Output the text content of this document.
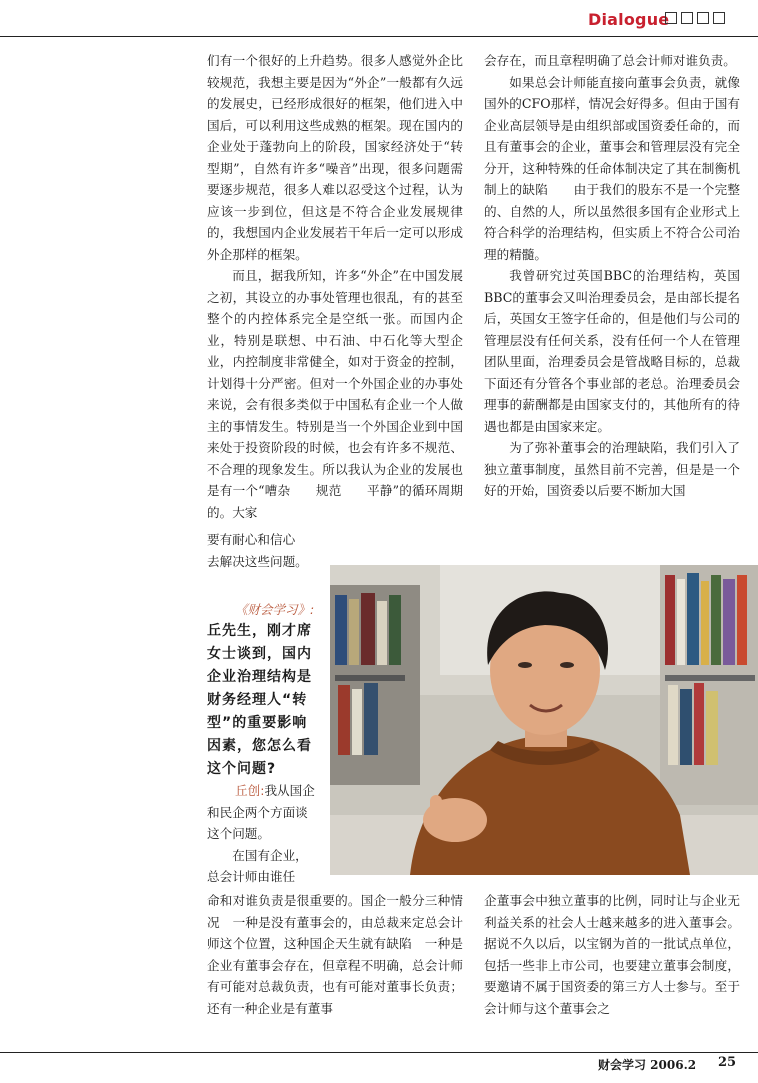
Dialogue

们有一个很好的上升趋势。很多人感觉外企比较规范，我想主要是因为“外企”一般都有久远的发展史，已经形成很好的框架，他们进入中国后，可以利用这些成熟的框架。现在国内的企业处于蓬勃向上的阶段，国家经济处于“转型期”，自然有许多“噪音”出现，很多问题需要逐步规范，很多人难以忍受这个过程，认为应该一步到位，但这是不符合企业发展规律的，我想国内企业发展若干年后一定可以形成外企那样的框架。

而且，据我所知，许多“外企”在中国发展之初，其设立的办事处管理也很乱，有的甚至整个的内控体系完全是空纸一张。而国内企业，特别是联想、中石油、中石化等大型企业，内控制度非常健全，如对于资金的控制，计划得十分严密。但对一个外国企业的办事处来说，会有很多类似于中国私有企业一个人做主的事情发生。特别是当一个外国企业到中国来处于投资阶段的时候，也会有许多不规范、不合理的现象发生。所以我认为企业的发展也是有一个“嘈杂　　规范　　平静”的循环周期的。大家

要有耐心和信心

去解决这些问题。

《财会学习》:
丘先生，刚才席女士谈到，国内企业治理结构是财务经理人“转型”的重要影响因素，您怎么看这个问题?
丘创:我从国企和民企两个方面谈这个问题。
在国有企业，总会计师由谁任

命和对谁负责是很重要的。国企一般分三种情况　一种是没有董事会的，由总裁来定总会计师这个位置，这种国企天生就有缺陷　一种是企业有董事会存在，但章程不明确，总会计师有可能对总裁负责，也有可能对董事长负责；还有一种企业是有董事

会存在，而且章程明确了总会计师对谁负责。

如果总会计师能直接向董事会负责，就像国外的CFO那样，情况会好得多。但由于国有企业高层领导是由组织部或国资委任命的，而且有董事会的企业，董事会和管理层没有完全分开，这种特殊的任命体制决定了其在制衡机制上的缺陷　　由于我们的股东不是一个完整的、自然的人，所以虽然很多国有企业形式上符合科学的治理结构，但实质上不符合公司治理的精髓。

我曾研究过英国BBC的治理结构，英国BBC的董事会又叫治理委员会，是由部长提名后，英国女王签字任命的，但是他们与公司的管理层没有任何关系，没有任何一个人在管理团队里面，治理委员会是管战略目标的，总裁下面还有分管各个事业部的老总。治理委员会理事的薪酬都是由国家支付的，其他所有的待遇也都是由国家来定。

为了弥补董事会的治理缺陷，我们引入了独立董事制度，虽然目前不完善，但是是一个好的开始，国资委以后要不断加大国

企董事会中独立董事的比例，同时让与企业无利益关系的社会人士越来越多的进入董事会。据说不久以后，以宝钢为首的一批试点单位，包括一些非上市公司，也要建立董事会制度，要邀请不属于国资委的第三方人士参与。至于会计师与这个董事会之

财会学习 2006.2 25
